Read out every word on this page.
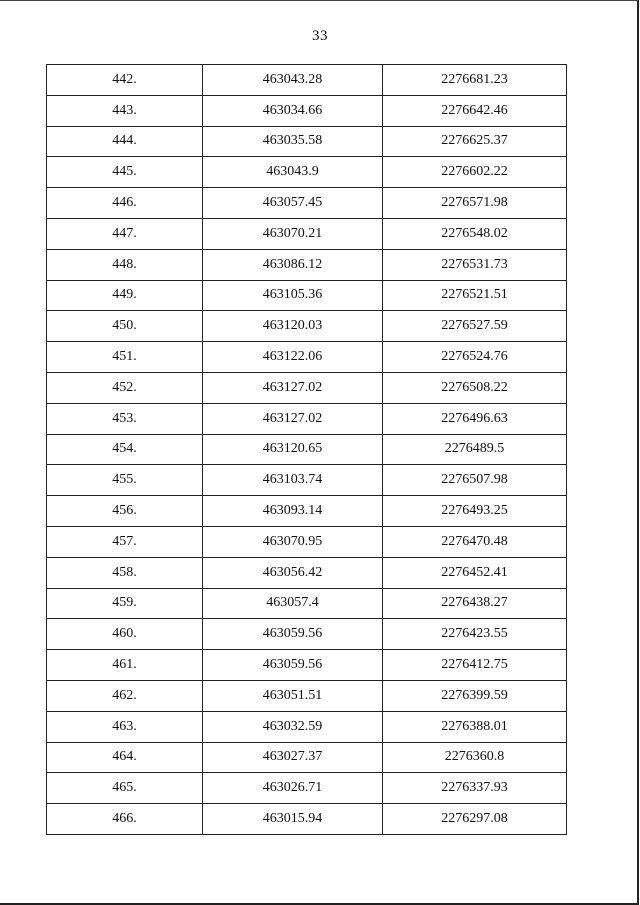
33
442.	463043.28	2276681.23
443.	463034.66	2276642.46
444.	463035.58	2276625.37
445.	463043.9	2276602.22
446.	463057.45	2276571.98
447.	463070.21	2276548.02
448.	463086.12	2276531.73
449.	463105.36	2276521.51
450.	463120.03	2276527.59
451.	463122.06	2276524.76
452.	463127.02	2276508.22
453.	463127.02	2276496.63
454.	463120.65	2276489.5
455.	463103.74	2276507.98
456.	463093.14	2276493.25
457.	463070.95	2276470.48
458.	463056.42	2276452.41
459.	463057.4	2276438.27
460.	463059.56	2276423.55
461.	463059.56	2276412.75
462.	463051.51	2276399.59
463.	463032.59	2276388.01
464.	463027.37	2276360.8
465.	463026.71	2276337.93
466.	463015.94	2276297.08
